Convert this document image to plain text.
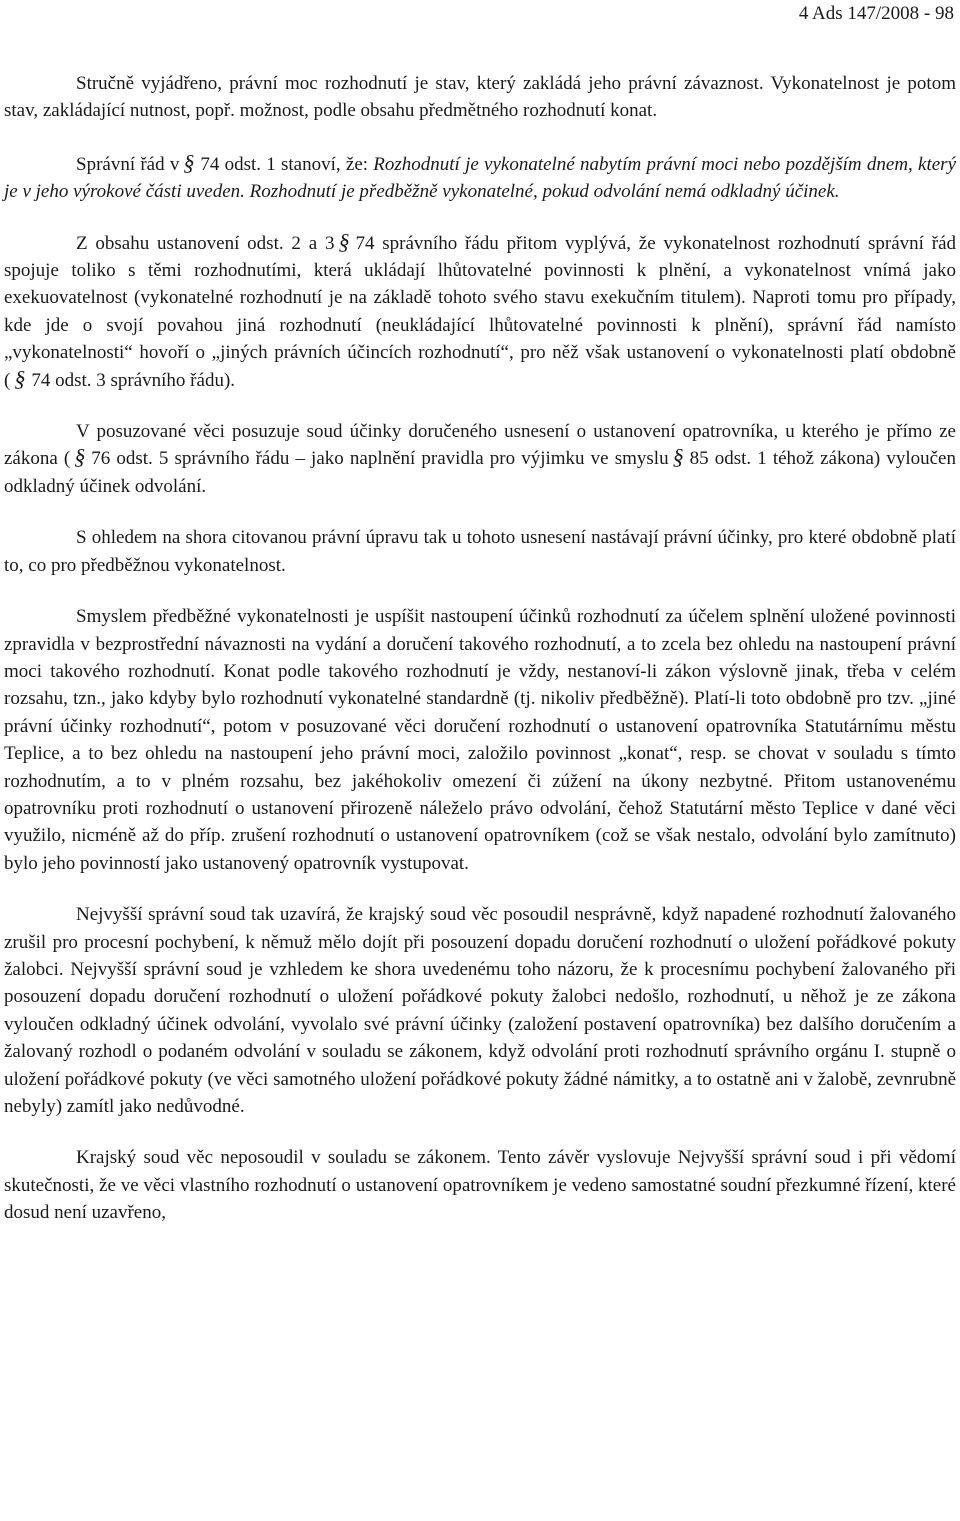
4 Ads 147/2008 - 98

Stručně vyjádřeno, právní moc rozhodnutí je stav, který zakládá jeho právní závaznost. Vykonatelnost je potom stav, zakládající nutnost, popř. možnost, podle obsahu předmětného rozhodnutí konat.

Správní řád v § 74 odst. 1 stanoví, že: Rozhodnutí je vykonatelné nabytím právní moci nebo pozdějším dnem, který je v jeho výrokové části uveden. Rozhodnutí je předběžně vykonatelné, pokud odvolání nemá odkladný účinek.

Z obsahu ustanovení odst. 2 a 3 § 74 správního řádu přitom vyplývá, že vykonatelnost rozhodnutí správní řád spojuje toliko s těmi rozhodnutími, která ukládají lhůtovatelné povinnosti k plnění, a vykonatelnost vnímá jako exekuovatelnost (vykonatelné rozhodnutí je na základě tohoto svého stavu exekučním titulem). Naproti tomu pro případy, kde jde o svojí povahou jiná rozhodnutí (neukládající lhůtovatelné povinnosti k plnění), správní řád namísto „vykonatelnosti“ hovoří o „jiných právních účincích rozhodnutí“, pro něž však ustanovení o vykonatelnosti platí obdobně ( § 74 odst. 3 správního řádu).

V posuzované věci posuzuje soud účinky doručeného usnesení o ustanovení opatrovníka, u kterého je přímo ze zákona ( § 76 odst. 5 správního řádu – jako naplnění pravidla pro výjimku ve smyslu § 85 odst. 1 téhož zákona) vyloučen odkladný účinek odvolání.

S ohledem na shora citovanou právní úpravu tak u tohoto usnesení nastávají právní účinky, pro které obdobně platí to, co pro předběžnou vykonatelnost.

Smyslem předběžné vykonatelnosti je uspíšit nastoupení účinků rozhodnutí za účelem splnění uložené povinnosti zpravidla v bezprostřední návaznosti na vydání a doručení takového rozhodnutí, a to zcela bez ohledu na nastoupení právní moci takového rozhodnutí. Konat podle takového rozhodnutí je vždy, nestanoví-li zákon výslovně jinak, třeba v celém rozsahu, tzn., jako kdyby bylo rozhodnutí vykonatelné standardně (tj. nikoliv předběžně). Platí-li toto obdobně pro tzv. „jiné právní účinky rozhodnutí“, potom v posuzované věci doručení rozhodnutí o ustanovení opatrovníka Statutárnímu městu Teplice, a to bez ohledu na nastoupení jeho právní moci, založilo povinnost „konat“, resp. se chovat v souladu s tímto rozhodnutím, a to v plném rozsahu, bez jakéhokoliv omezení či zúžení na úkony nezbytné. Přitom ustanovenému opatrovníku proti rozhodnutí o ustanovení přirozeně náleželo právo odvolání, čehož Statutární město Teplice v dané věci využilo, nicméně až do příp. zrušení rozhodnutí o ustanovení opatrovníkem (což se však nestalo, odvolání bylo zamítnuto) bylo jeho povinností jako ustanovený opatrovník vystupovat.

Nejvyšší správní soud tak uzavírá, že krajský soud věc posoudil nesprávně, když napadené rozhodnutí žalovaného zrušil pro procesní pochybení, k němuž mělo dojít při posouzení dopadu doručení rozhodnutí o uložení pořádkové pokuty žalobci. Nejvyšší správní soud je vzhledem ke shora uvedenému toho názoru, že k procesnímu pochybení žalovaného při posouzení dopadu doručení rozhodnutí o uložení pořádkové pokuty žalobci nedošlo, rozhodnutí, u něhož je ze zákona vyloučen odkladný účinek odvolání, vyvolalo své právní účinky (založení postavení opatrovníka) bez dalšího doručením a žalovaný rozhodl o podaném odvolání v souladu se zákonem, když odvolání proti rozhodnutí správního orgánu I. stupně o uložení pořádkové pokuty (ve věci samotného uložení pořádkové pokuty žádné námitky, a to ostatně ani v žalobě, zevnrubně nebyly) zamítl jako nedůvodné.

Krajský soud věc neposoudil v souladu se zákonem. Tento závěr vyslovuje Nejvyšší správní soud i při vědomí skutečnosti, že ve věci vlastního rozhodnutí o ustanovení opatrovníkem je vedeno samostatné soudní přezkumné řízení, které dosud není uzavřeno,
